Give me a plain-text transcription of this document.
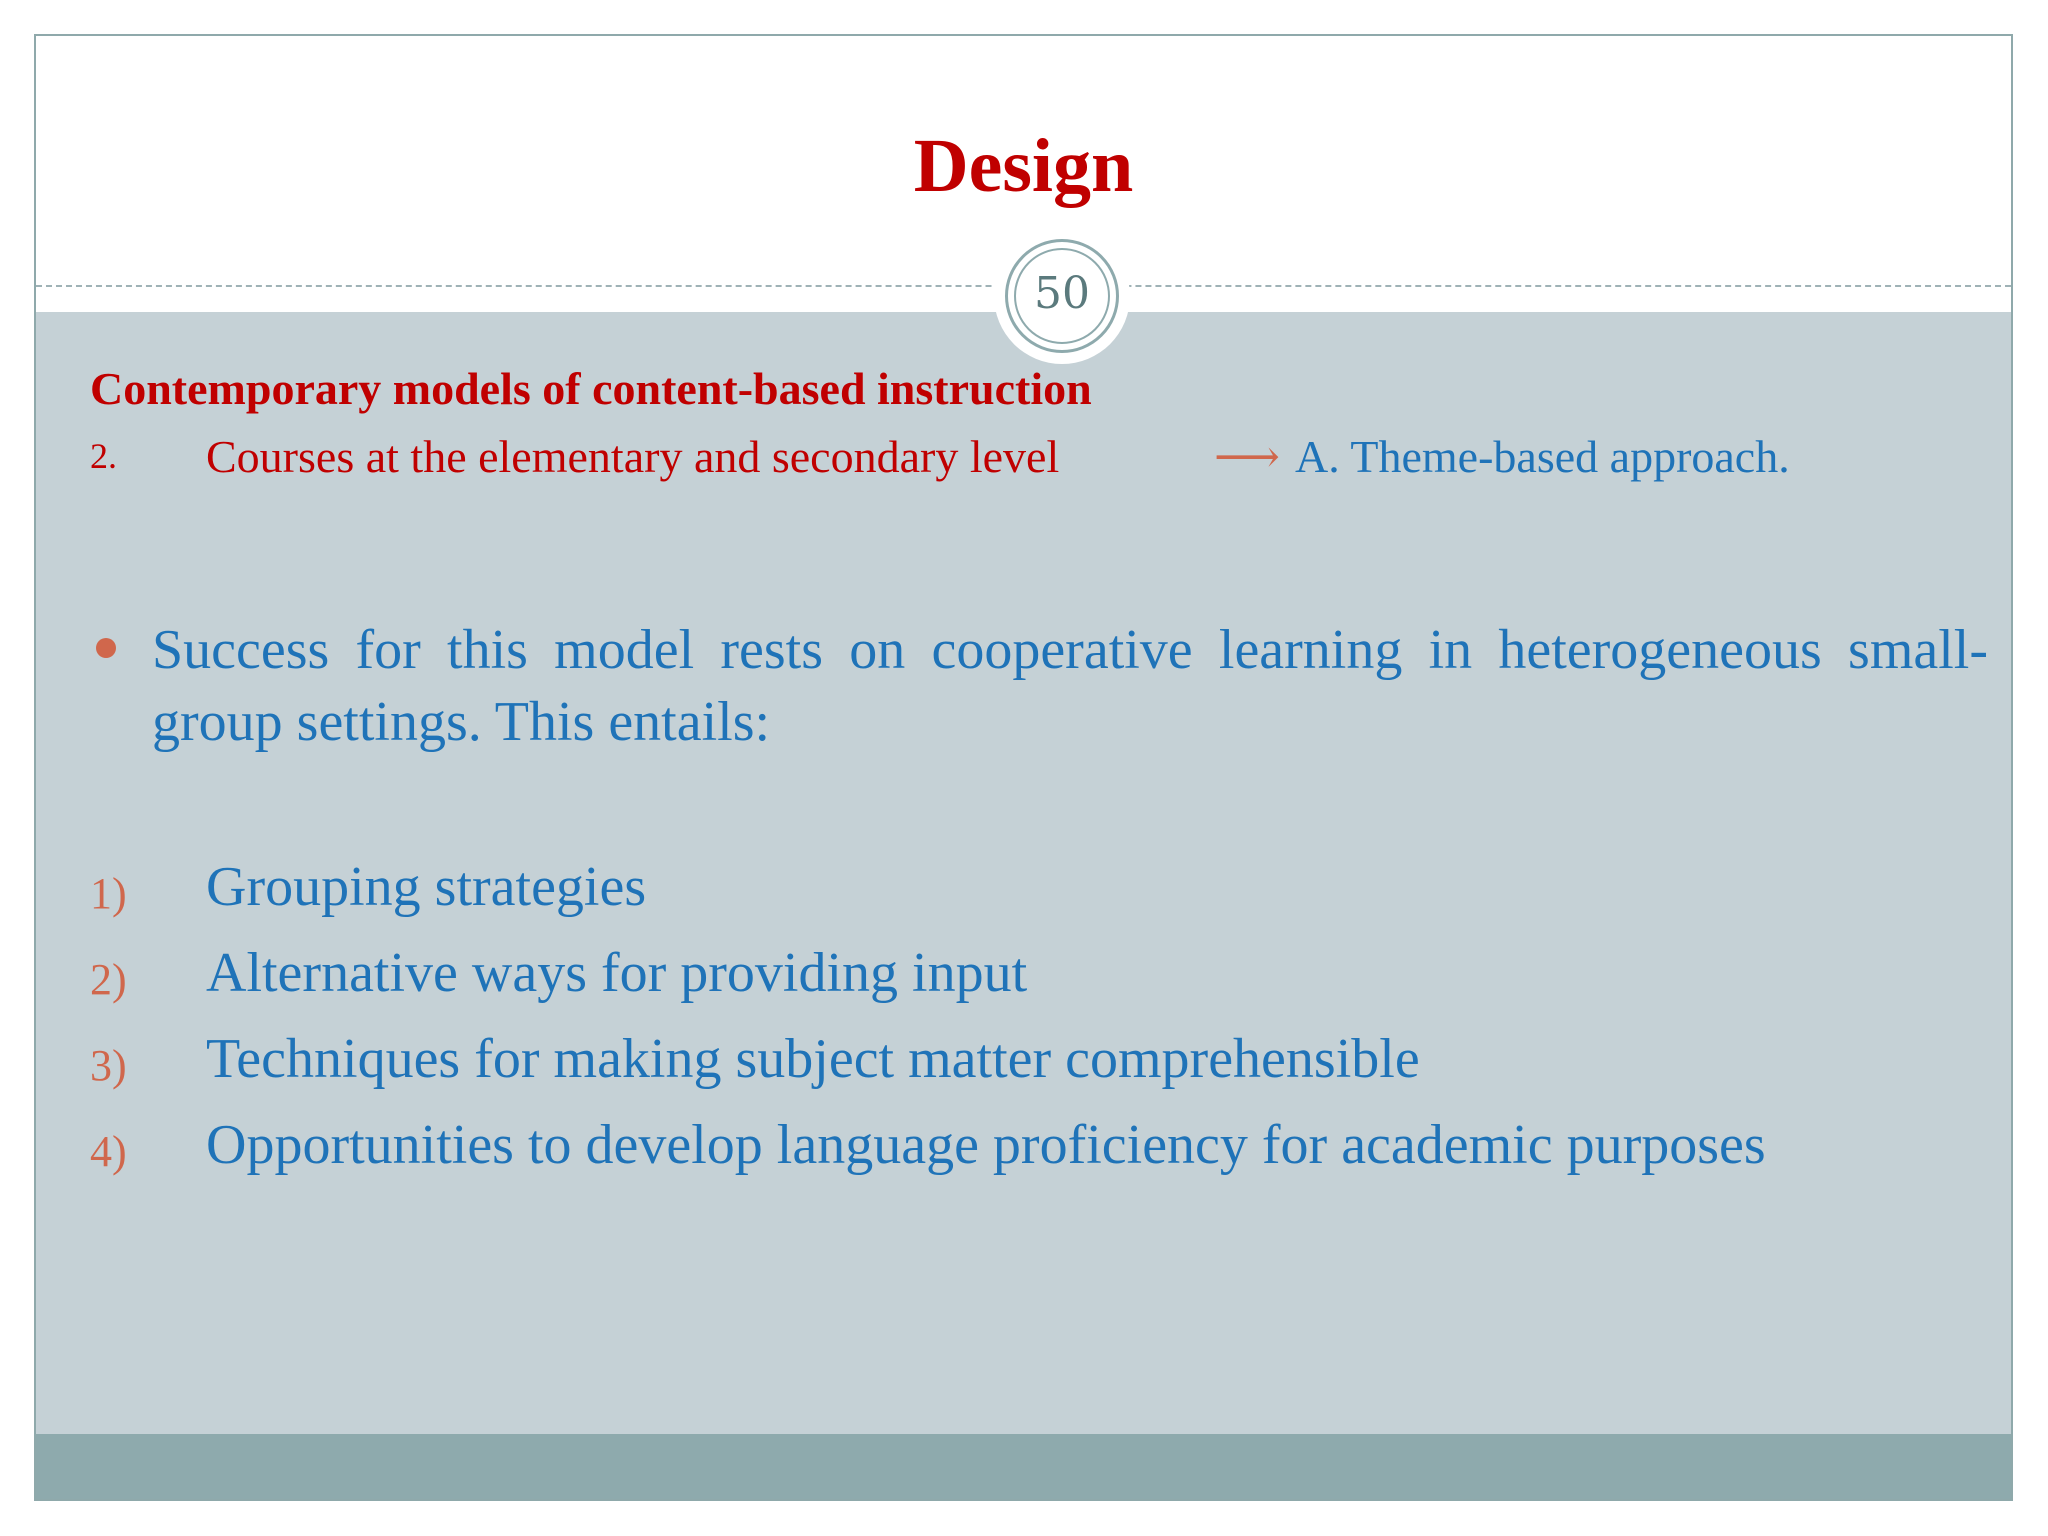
Design
50
Contemporary models of content-based instruction
2. Courses at the elementary and secondary level	⟶ A. Theme-based approach.
Success for this model rests on cooperative learning in heterogeneous small-group settings. This entails:
1) Grouping strategies
2) Alternative ways for providing input
3) Techniques for making subject matter comprehensible
4) Opportunities to develop language proficiency for academic purposes
